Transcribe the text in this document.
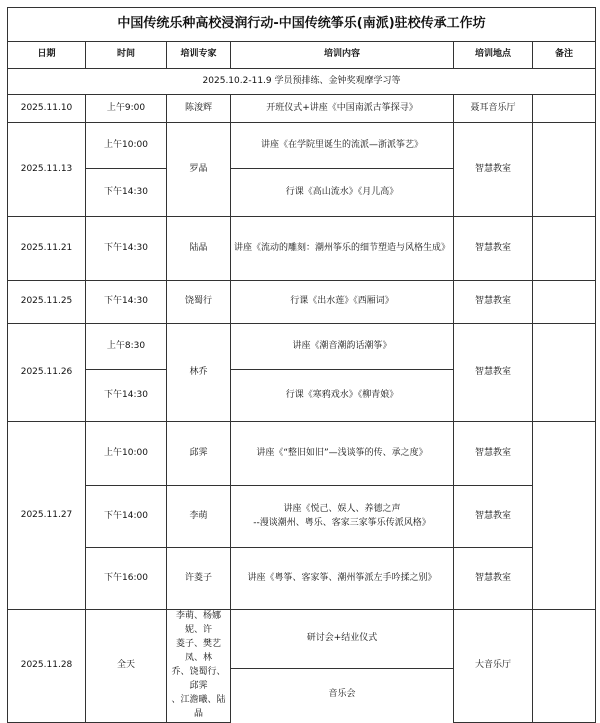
中国传统乐种高校浸润行动-中国传统筝乐(南派)驻校传承工作坊					
日期	时间	培训专家	培训内容	培训地点	备注
2025.10.2-11.9 学员预排练、金钟奖观摩学习等					
2025.11.10	上午9:00	陈浚辉	开班仪式+讲座《中国南派古筝探寻》	聂耳音乐厅	
2025.11.13	上午10:00	罗晶	讲座《在学院里诞生的流派—浙派筝艺》	智慧教室	
	下午14:30		行课《高山流水》《月儿高》		
2025.11.21	下午14:30	陆晶	讲座《流动的雕刻：潮州筝乐的细节塑造与风格生成》	智慧教室	
2025.11.25	下午14:30	饶蜀行	行课《出水莲》《西厢词》	智慧教室	
2025.11.26	上午8:30	林乔	讲座《潮音潮韵话潮筝》	智慧教室	
	下午14:30		行课《寒鸦戏水》《柳青娘》		
2025.11.27	上午10:00	邱霁	讲座《“整旧如旧”—浅谈筝的传、承之度》	智慧教室	
	下午14:00	李萌	讲座《悦己、娱人、养德之声
--漫谈潮州、粤乐、客家三家筝乐传派风格》	智慧教室	
	下午16:00	许菱子	讲座《粤筝、客家筝、潮州筝派左手吟揉之别》	智慧教室	
2025.11.28	全天	李萌、杨娜妮、许
菱子、樊艺凤、林
乔、饶蜀行、邱霁
、江澹曦、陆晶	研讨会+结业仪式	大音乐厅	
			音乐会		
